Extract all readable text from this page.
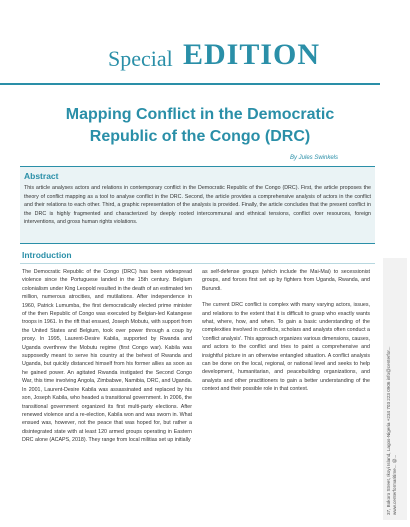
Special EDITION
Mapping Conflict in the Democratic Republic of the Congo (DRC)
By Jules Swinkels
Abstract
This article analyses actors and relations in contemporary conflict in the Democratic Republic of the Congo (DRC). First, the article proposes the theory of conflict mapping as a tool to analyse conflict in the DRC. Second, the article provides a comprehensive analysis of actors in the conflict and their relations to each other. Third, a graphic representation of the analysis is provided. Finally, the article concludes that the present conflict in the DRC is highly fragmented and characterized by deeply rooted intercommunal and ethnical tensions, conflict over resources, foreign interventions, and gross human rights violations.
Introduction

The Democratic Republic of the Congo (DRC) has been widespread violence since the Portuguese landed in the 15th century. Belgium colonialism under King Leopold resulted in the death of an estimated ten million, numerous atrocities, and mutilations. After independence in 1960, Patrick Lumumba, the first democratically elected prime minister of the then Republic of Congo was executed by Belgian-led Katangese troops in 1961. In the rift that ensued, Joseph Mobutu, with support from the United States and Belgium, took over power through a coup by proxy. In 1995, Laurent-Desire Kabila, supported by Rwanda and Uganda overthrew the Mobutu regime (first Congo war). Kabila was supposedly meant to serve his country at the behest of Rwanda and Uganda, but quickly distanced himself from his former allies as soon as he gained power. An agitated Rwanda instigated the Second Congo War, this time involving Angola, Zimbabwe, Namibia, DRC, and Uganda. In 2001, Laurent-Desire Kabila was assassinated and replaced by his son, Joseph Kabila, who headed a transitional government. In 2006, the transitional government organized its first multi-party elections. After renewed violence and a re-election, Kabila won and was sworn in. What ensued was, however, not the peace that was hoped for, but rather a disintegrated state with at least 120 armed groups operating in Eastern DRC alone (ACAPS, 2018). They range from local militias set up initially

as self-defense groups (which include the Mai-Mai) to secessionist groups, and forces first set up by fighters from Uganda, Rwanda, and Burundi.

The current DRC conflict is complex with many varying actors, issues, and relations to the extent that it is difficult to grasp who exactly wants what, where, how, and when. To gain a basic understanding of the complexities involved in conflicts, scholars and analysts often conduct a 'conflict analysis'. This approach organizes various dimensions, causes, and actors to the conflict and tries to paint a comprehensive and insightful picture in an otherwise entangled situation. A conflict analysis can be done on the local, regional, or national level and seeks to help development, humanitarian, and peacebuilding organizations, and analysts and other practitioners to gain a better understanding of the context and their possible role in that context.	37, Bokoro Street, Ikoyi Island, Lagos-Nigeria +234 703 223 0906 info@centerfor... www.centerformaritime... @...
